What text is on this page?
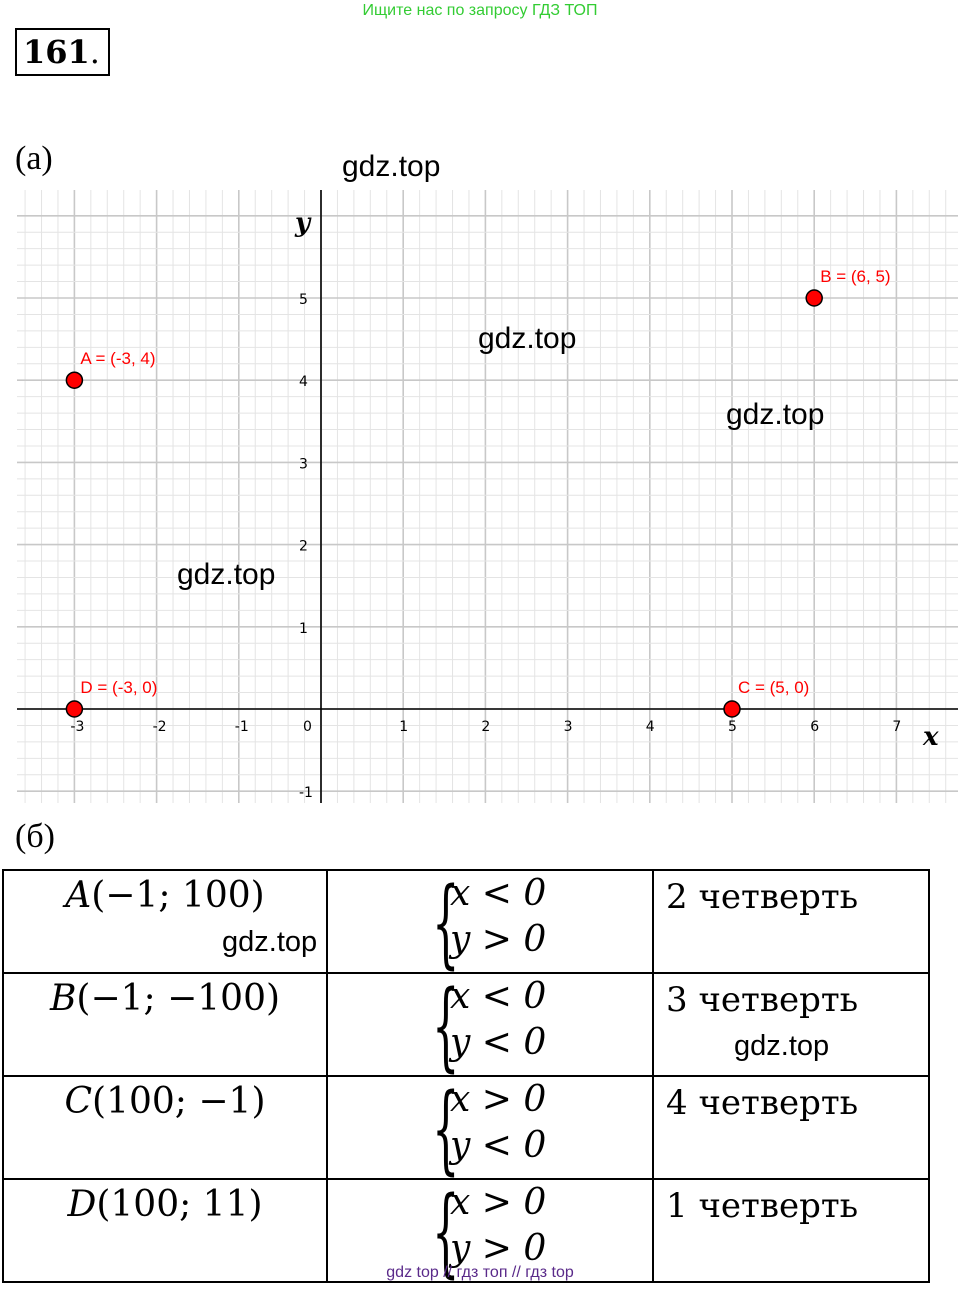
Ищите нас по запросу ГДЗ ТОП
161.
(а)
x
y
-3	-2	-1	0	1	2	3	4	5	6	7
5
4
3
2
1
-1
A = (-3, 4)
B = (6, 5)
C = (5, 0)
D = (-3, 0)
gdz.top
gdz.top
gdz.top
gdz.top
(б)
A(−1; 100)	{
x < 0
y > 0	2 четверть
B(−1; −100)	{
x < 0
y < 0	3 четверть
C(100; −1)	{
x > 0
y < 0	4 четверть
D(100; 11)	{
x > 0
y > 0	1 четверть
gdz.top
gdz.top
gdz top // гдз топ // гдз top
